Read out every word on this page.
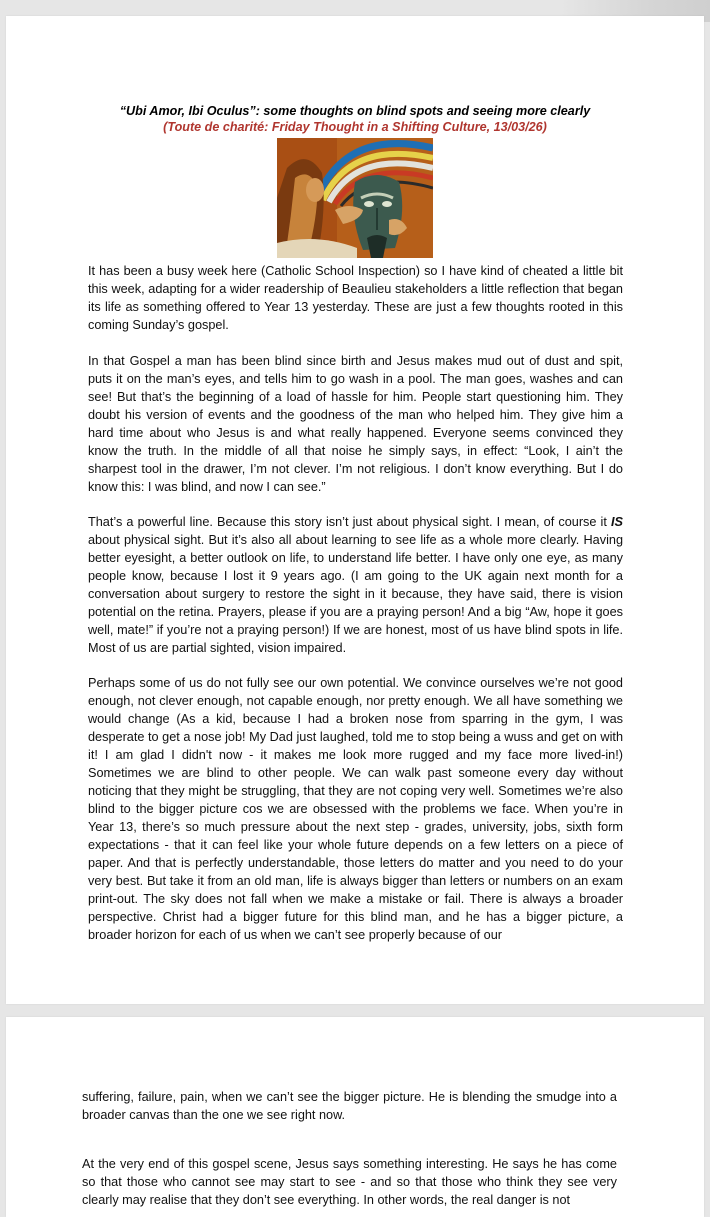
“Ubi Amor, Ibi Oculus”: some thoughts on blind spots and seeing more clearly
(Toute de charité: Friday Thought in a Shifting Culture, 13/03/26)

It has been a busy week here (Catholic School Inspection) so I have kind of cheated a little bit this week, adapting for a wider readership of Beaulieu stakeholders a little reflection that began its life as something offered to Year 13 yesterday. These are just a few thoughts rooted in this coming Sunday’s gospel.

In that Gospel a man has been blind since birth and Jesus makes mud out of dust and spit, puts it on the man’s eyes, and tells him to go wash in a pool. The man goes, washes and can see! But that’s the beginning of a load of hassle for him. People start questioning him. They doubt his version of events and the goodness of the man who helped him. They give him a hard time about who Jesus is and what really happened. Everyone seems convinced they know the truth. In the middle of all that noise he simply says, in effect: “Look, I ain’t the sharpest tool in the drawer, I’m not clever. I’m not religious. I don’t know everything. But I do know this: I was blind, and now I can see.”

That’s a powerful line. Because this story isn’t just about physical sight. I mean, of course it IS about physical sight. But it’s also all about learning to see life as a whole more clearly. Having better eyesight, a better outlook on life, to understand life better. I have only one eye, as many people know, because I lost it 9 years ago. (I am going to the UK again next month for a conversation about surgery to restore the sight in it because, they have said, there is vision potential on the retina. Prayers, please if you are a praying person! And a big “Aw, hope it goes well, mate!” if you’re not a praying person!) If we are honest, most of us have blind spots in life. Most of us are partial sighted, vision impaired.

Perhaps some of us do not fully see our own potential. We convince ourselves we’re not good enough, not clever enough, not capable enough, nor pretty enough. We all have something we would change (As a kid, because I had a broken nose from sparring in the gym, I was desperate to get a nose job! My Dad just laughed, told me to stop being a wuss and get on with it! I am glad I didn't now - it makes me look more rugged and my face more lived-in!) Sometimes we are blind to other people. We can walk past someone every day without noticing that they might be struggling, that they are not coping very well. Sometimes we’re also blind to the bigger picture cos we are obsessed with the problems we face. When you’re in Year 13, there’s so much pressure about the next step - grades, university, jobs, sixth form expectations - that it can feel like your whole future depends on a few letters on a piece of paper. And that is perfectly understandable, those letters do matter and you need to do your very best. But take it from an old man, life is always bigger than letters or numbers on an exam print-out. The sky does not fall when we make a mistake or fail. There is always a broader perspective. Christ had a bigger future for this blind man, and he has a bigger picture, a broader horizon for each of us when we can’t see properly because of our

suffering, failure, pain, when we can’t see the bigger picture. He is blending the smudge into a broader canvas than the one we see right now.

At the very end of this gospel scene, Jesus says something interesting. He says he has come so that those who cannot see may start to see - and so that those who think they see very clearly may realise that they don’t see everything. In other words, the real danger is not
